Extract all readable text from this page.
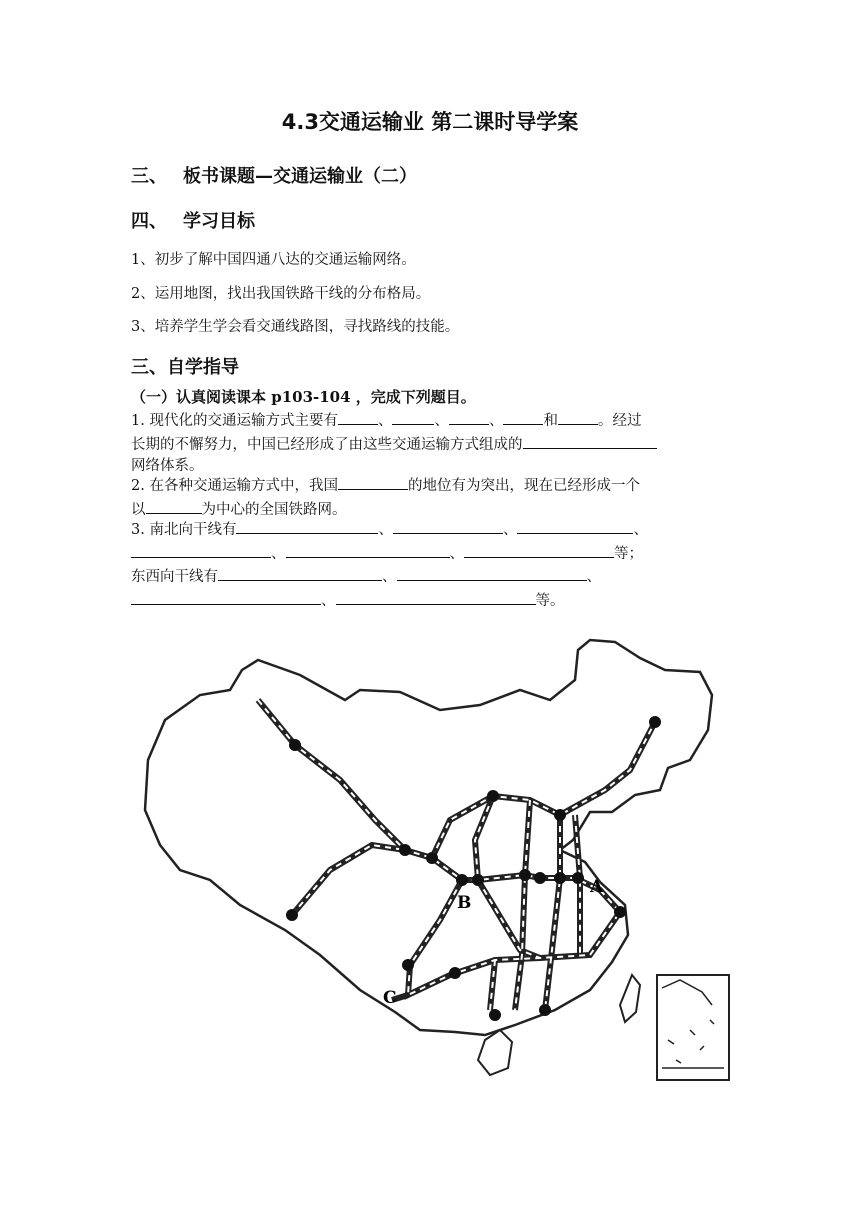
4.3交通运输业 第二课时导学案
三、 板书课题—交通运输业（二）
四、 学习目标
1、初步了解中国四通八达的交通运输网络。
2、运用地图，找出我国铁路干线的分布格局。
3、培养学生学会看交通线路图，寻找路线的技能。
三、自学指导
（一）认真阅读课本 p103-104 ，完成下列题目。
1. 现代化的交通运输方式主要有	、	、	、	和	。经过
长期的不懈努力，中国已经形成了由这些交通运输方式组成的
网络体系。
2. 在各种交通运输方式中，我国	的地位有为突出，现在已经形成一个
以	为中心的全国铁路网。
3. 南北向干线有	、	、	、
、	、	等；
东西向干线有	、	、
、	等。
A
B
C
